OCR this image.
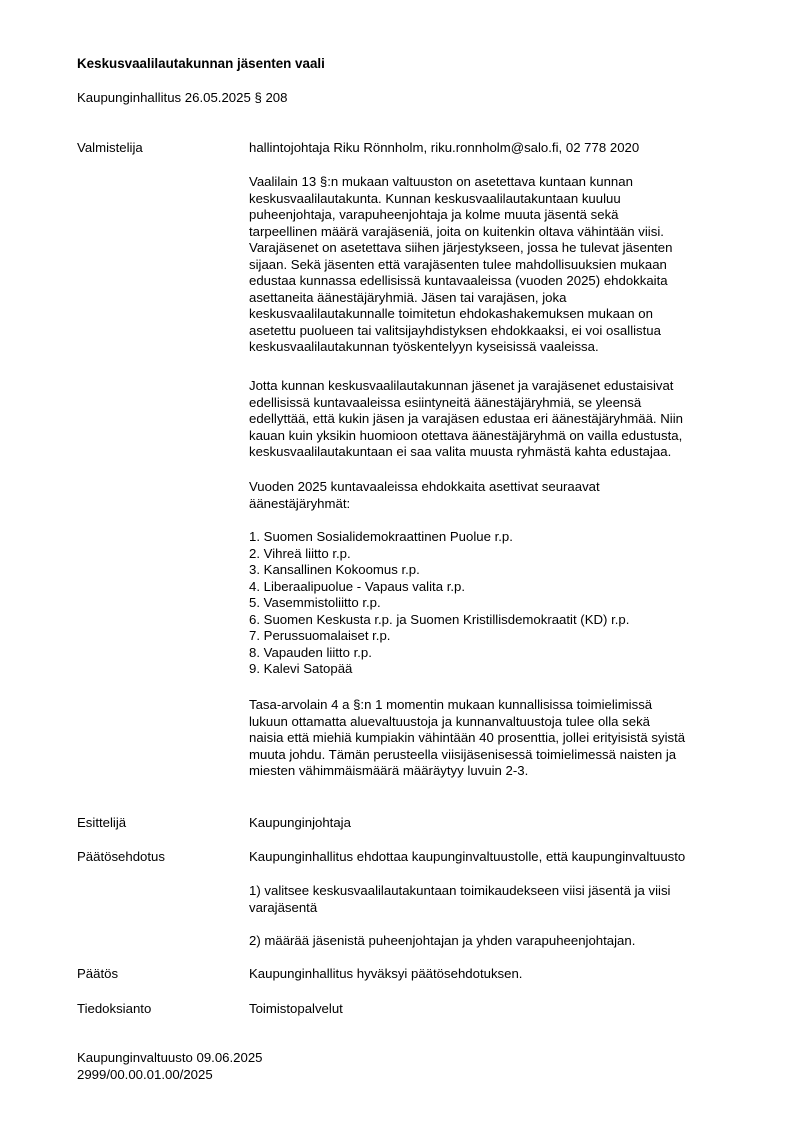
Keskusvaalilautakunnan jäsenten vaali
Kaupunginhallitus 26.05.2025 § 208
Valmistelija	hallintojohtaja Riku Rönnholm, riku.ronnholm@salo.fi, 02 778 2020

Vaalilain 13 §:n mukaan valtuuston on asetettava kuntaan kunnan
keskusvaalilautakunta. Kunnan keskusvaalilautakuntaan kuuluu
puheenjohtaja, varapuheenjohtaja ja kolme muuta jäsentä sekä
tarpeellinen määrä varajäseniä, joita on kuitenkin oltava vähintään viisi.
Varajäsenet on asetettava siihen järjestykseen, jossa he tulevat jäsenten
sijaan. Sekä jäsenten että varajäsenten tulee mahdollisuuksien mukaan
edustaa kunnassa edellisissä kuntavaaleissa (vuoden 2025) ehdokkaita
asettaneita äänestäjäryhmiä. Jäsen tai varajäsen, joka
keskusvaalilautakunnalle toimitetun ehdokashakemuksen mukaan on
asetettu puolueen tai valitsijayhdistyksen ehdokkaaksi, ei voi osallistua
keskusvaalilautakunnan työskentelyyn kyseisissä vaaleissa.

Jotta kunnan keskusvaalilautakunnan jäsenet ja varajäsenet edustaisivat
edellisissä kuntavaaleissa esiintyneitä äänestäjäryhmiä, se yleensä
edellyttää, että kukin jäsen ja varajäsen edustaa eri äänestäjäryhmää. Niin
kauan kuin yksikin huomioon otettava äänestäjäryhmä on vailla edustusta,
keskusvaalilautakuntaan ei saa valita muusta ryhmästä kahta edustajaa.

Vuoden 2025 kuntavaaleissa ehdokkaita asettivat seuraavat
äänestäjäryhmät:

1. Suomen Sosialidemokraattinen Puolue r.p.
2. Vihreä liitto r.p.
3. Kansallinen Kokoomus r.p.
4. Liberaalipuolue - Vapaus valita r.p.
5. Vasemmistoliitto r.p.
6. Suomen Keskusta r.p. ja Suomen Kristillisdemokraatit (KD) r.p.
7. Perussuomalaiset r.p.
8. Vapauden liitto r.p.
9. Kalevi Satopää

Tasa-arvolain 4 a §:n 1 momentin mukaan kunnallisissa toimielimissä
lukuun ottamatta aluevaltuustoja ja kunnanvaltuustoja tulee olla sekä
naisia että miehiä kumpiakin vähintään 40 prosenttia, jollei erityisistä syistä
muuta johdu. Tämän perusteella viisijäsenisessä toimielimessä naisten ja
miesten vähimmäismäärä määräytyy luvuin 2-3.

Esittelijä	Kaupunginjohtaja
Päätösehdotus	Kaupunginhallitus ehdottaa kaupunginvaltuustolle, että kaupunginvaltuusto

1) valitsee keskusvaalilautakuntaan toimikaudekseen viisi jäsentä ja viisi
varajäsentä

2) määrää jäsenistä puheenjohtajan ja yhden varapuheenjohtajan.

Päätös	Kaupunginhallitus hyväksyi päätösehdotuksen.
Tiedoksianto	Toimistopalvelut
Kaupunginvaltuusto 09.06.2025
2999/00.00.01.00/2025
